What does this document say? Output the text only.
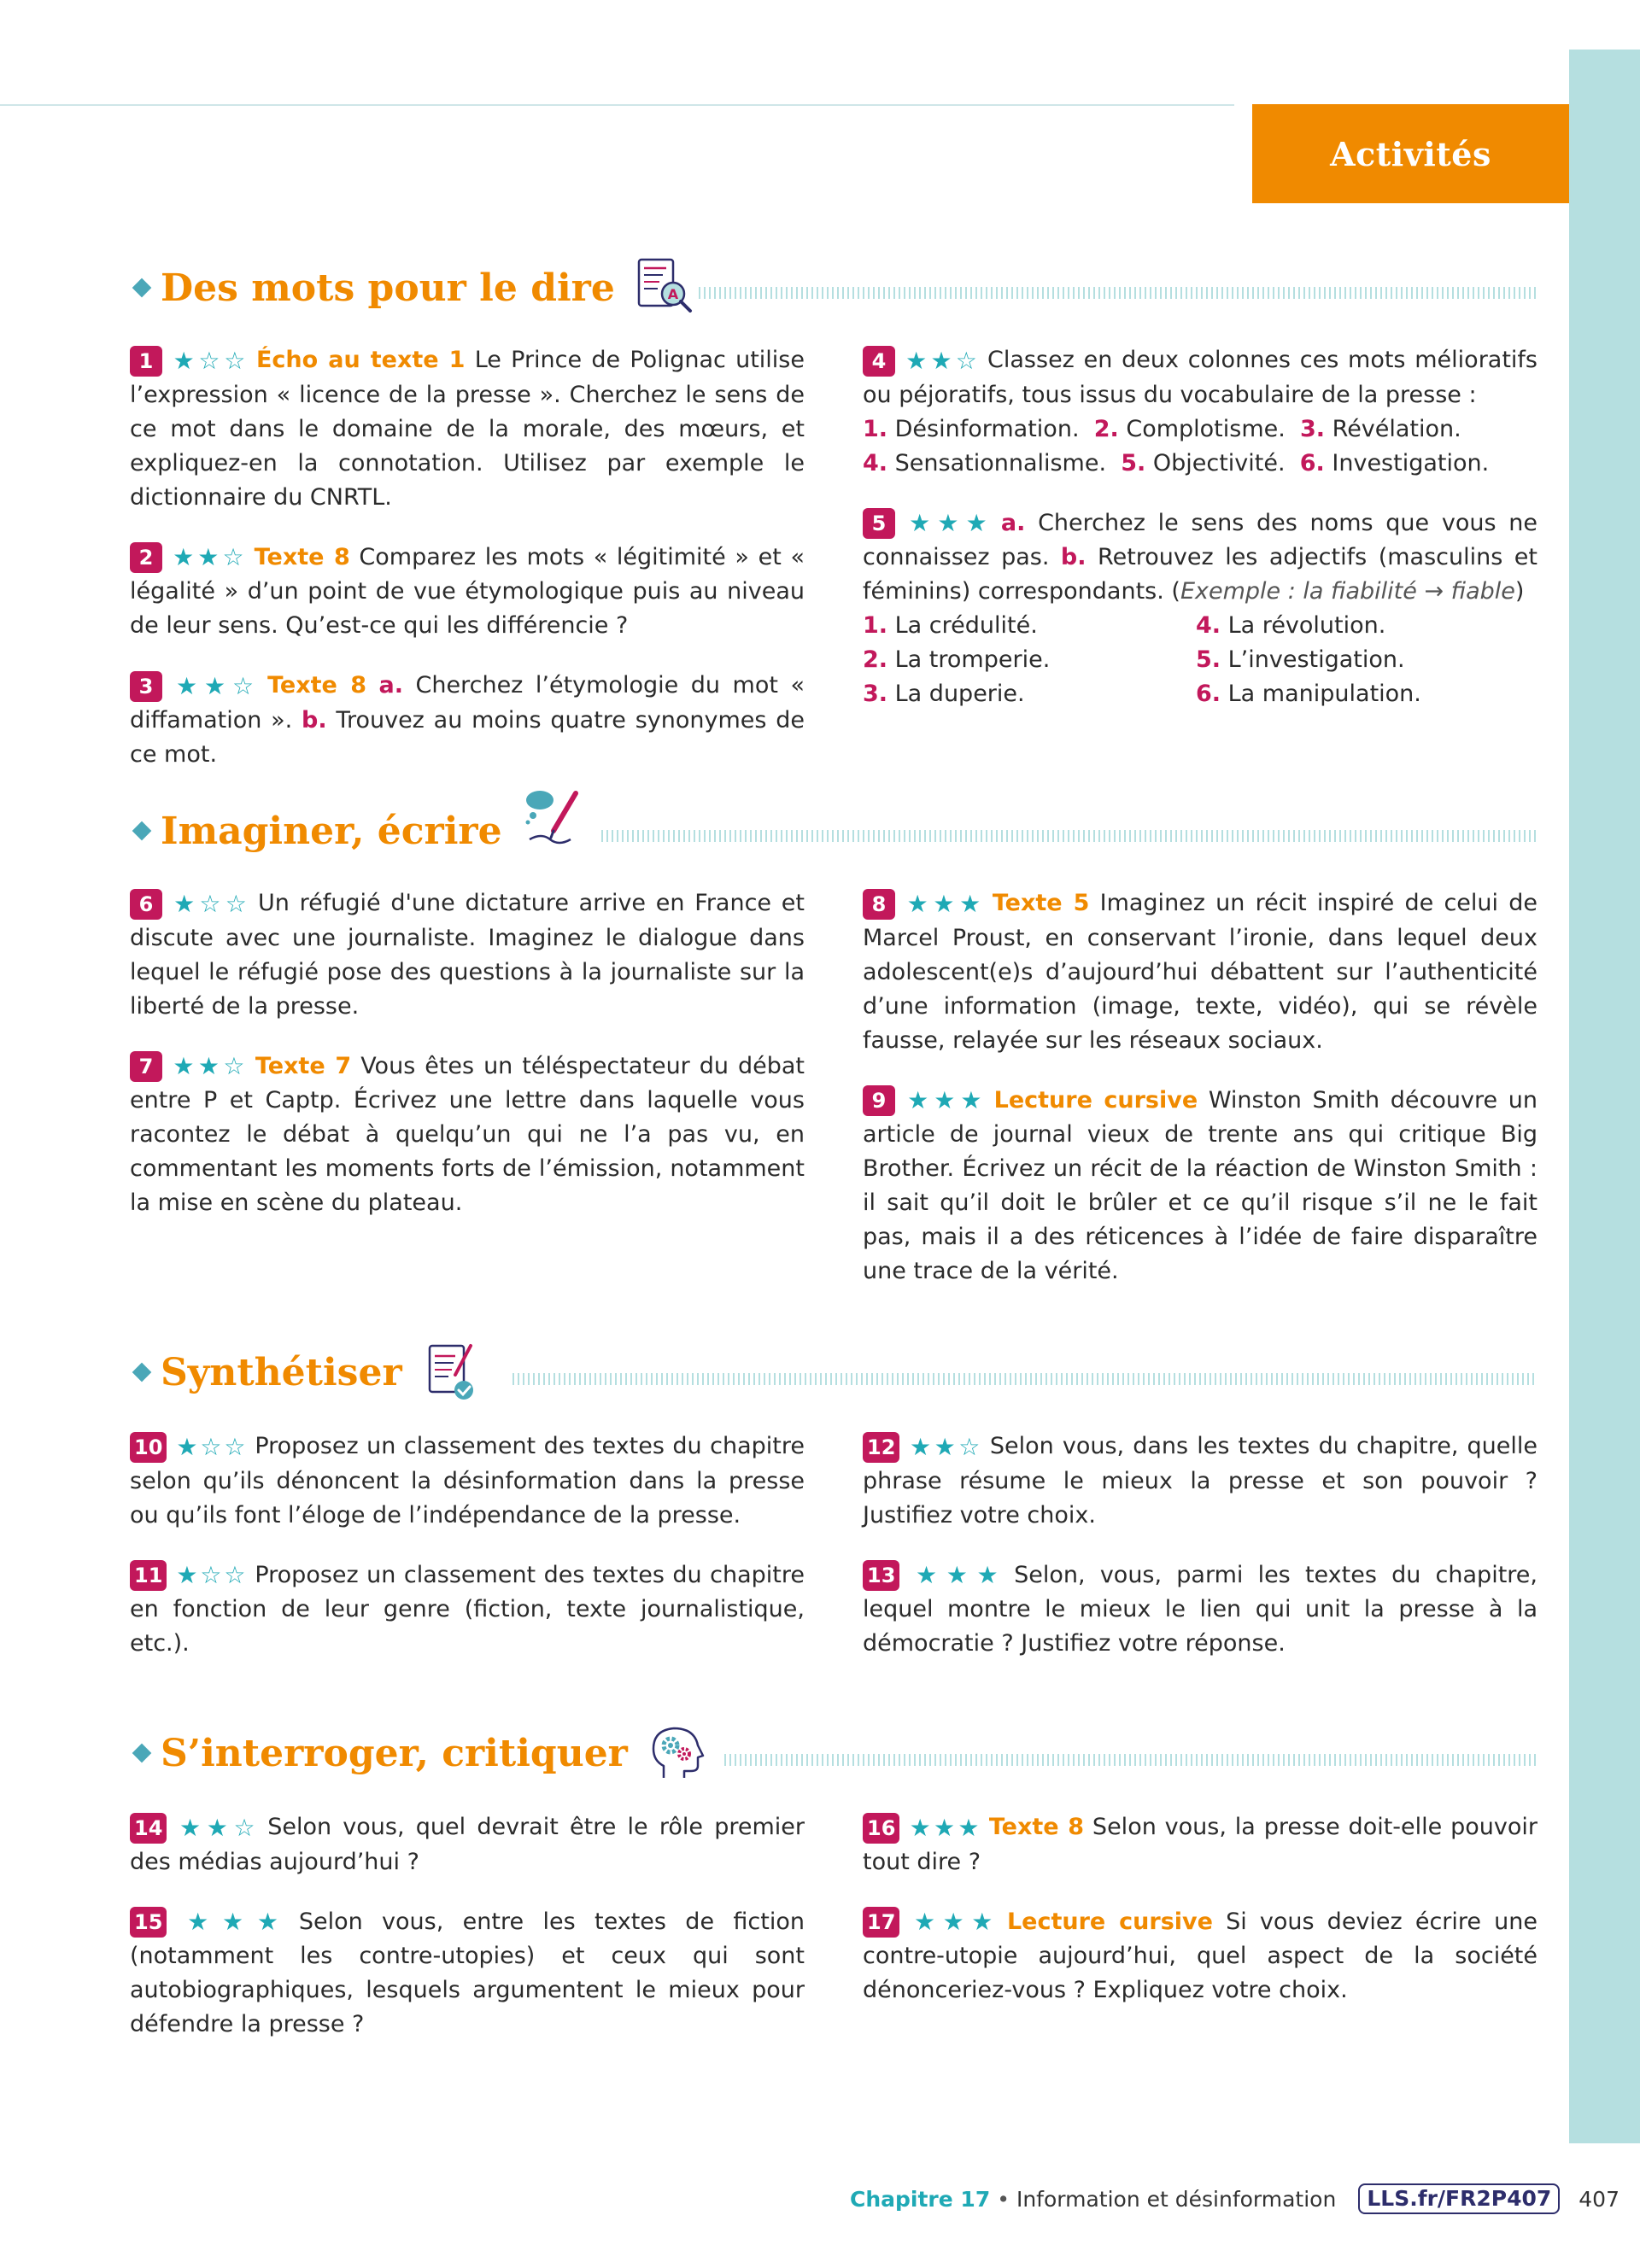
Activités
Des mots pour le dire	A

1 ★☆☆ Écho au texte 1 Le Prince de Polignac utilise l’expression « licence de la presse ». Cherchez le sens de ce mot dans le domaine de la morale, des mœurs, et expliquez-en la connotation. Utilisez par exemple le dictionnaire du CNRTL.

2 ★★☆ Texte 8 Comparez les mots « légitimité » et « légalité » d’un point de vue étymologique puis au niveau de leur sens. Qu’est-ce qui les différencie ?

3 ★★☆ Texte 8 a. Cherchez l’étymologie du mot « diffamation ». b. Trouvez au moins quatre synonymes de ce mot.

4 ★★☆ Classez en deux colonnes ces mots mélioratifs ou péjoratifs, tous issus du vocabulaire de la presse :
1. Désinformation. 2. Complotisme. 3. Révélation.
4. Sensationnalisme. 5. Objectivité. 6. Investigation.
5 ★★★ a. Cherchez le sens des noms que vous ne connaissez pas. b. Retrouvez les adjectifs (masculins et féminins) correspondants. (Exemple : la fiabilité → fiable)
1. La crédulité.	4. La révolution.
2. La tromperie.	5. L’investigation.
3. La duperie.	6. La manipulation.
Imaginer, écrire

6 ★☆☆ Un réfugié d'une dictature arrive en France et discute avec une journaliste. Imaginez le dialogue dans lequel le réfugié pose des questions à la journaliste sur la liberté de la presse.

7 ★★☆ Texte 7 Vous êtes un téléspectateur du débat entre P et Captp. Écrivez une lettre dans laquelle vous racontez le débat à quelqu’un qui ne l’a pas vu, en commentant les moments forts de l’émission, notamment la mise en scène du plateau.

8 ★★★ Texte 5 Imaginez un récit inspiré de celui de Marcel Proust, en conservant l’ironie, dans lequel deux adolescent(e)s d’aujourd’hui débattent sur l’authenticité d’une information (image, texte, vidéo), qui se révèle fausse, relayée sur les réseaux sociaux.

9 ★★★ Lecture cursive Winston Smith découvre un article de journal vieux de trente ans qui critique Big Brother. Écrivez un récit de la réaction de Winston Smith : il sait qu’il doit le brûler et ce qu’il risque s’il ne le fait pas, mais il a des réticences à l’idée de faire disparaître une trace de la vérité.

Synthétiser

10 ★☆☆ Proposez un classement des textes du chapitre selon qu’ils dénoncent la désinformation dans la presse ou qu’ils font l’éloge de l’indépendance de la presse.

11 ★☆☆ Proposez un classement des textes du chapitre en fonction de leur genre (fiction, texte journalistique, etc.).

12 ★★☆ Selon vous, dans les textes du chapitre, quelle phrase résume le mieux la presse et son pouvoir ? Justifiez votre choix.

13 ★★★ Selon, vous, parmi les textes du chapitre, lequel montre le mieux le lien qui unit la presse à la démocratie ? Justifiez votre réponse.

S’interroger, critiquer

14 ★★☆ Selon vous, quel devrait être le rôle premier des médias aujourd’hui ?

15 ★★★ Selon vous, entre les textes de fiction (notamment les contre-utopies) et ceux qui sont autobiographiques, lesquels argumentent le mieux pour défendre la presse ?

16 ★★★ Texte 8 Selon vous, la presse doit-elle pouvoir tout dire ?

17 ★★★ Lecture cursive Si vous deviez écrire une contre-utopie aujourd’hui, quel aspect de la société dénonceriez-vous ? Expliquez votre choix.

Chapitre 17 • Information et désinformation	LLS.fr/FR2P407	407
